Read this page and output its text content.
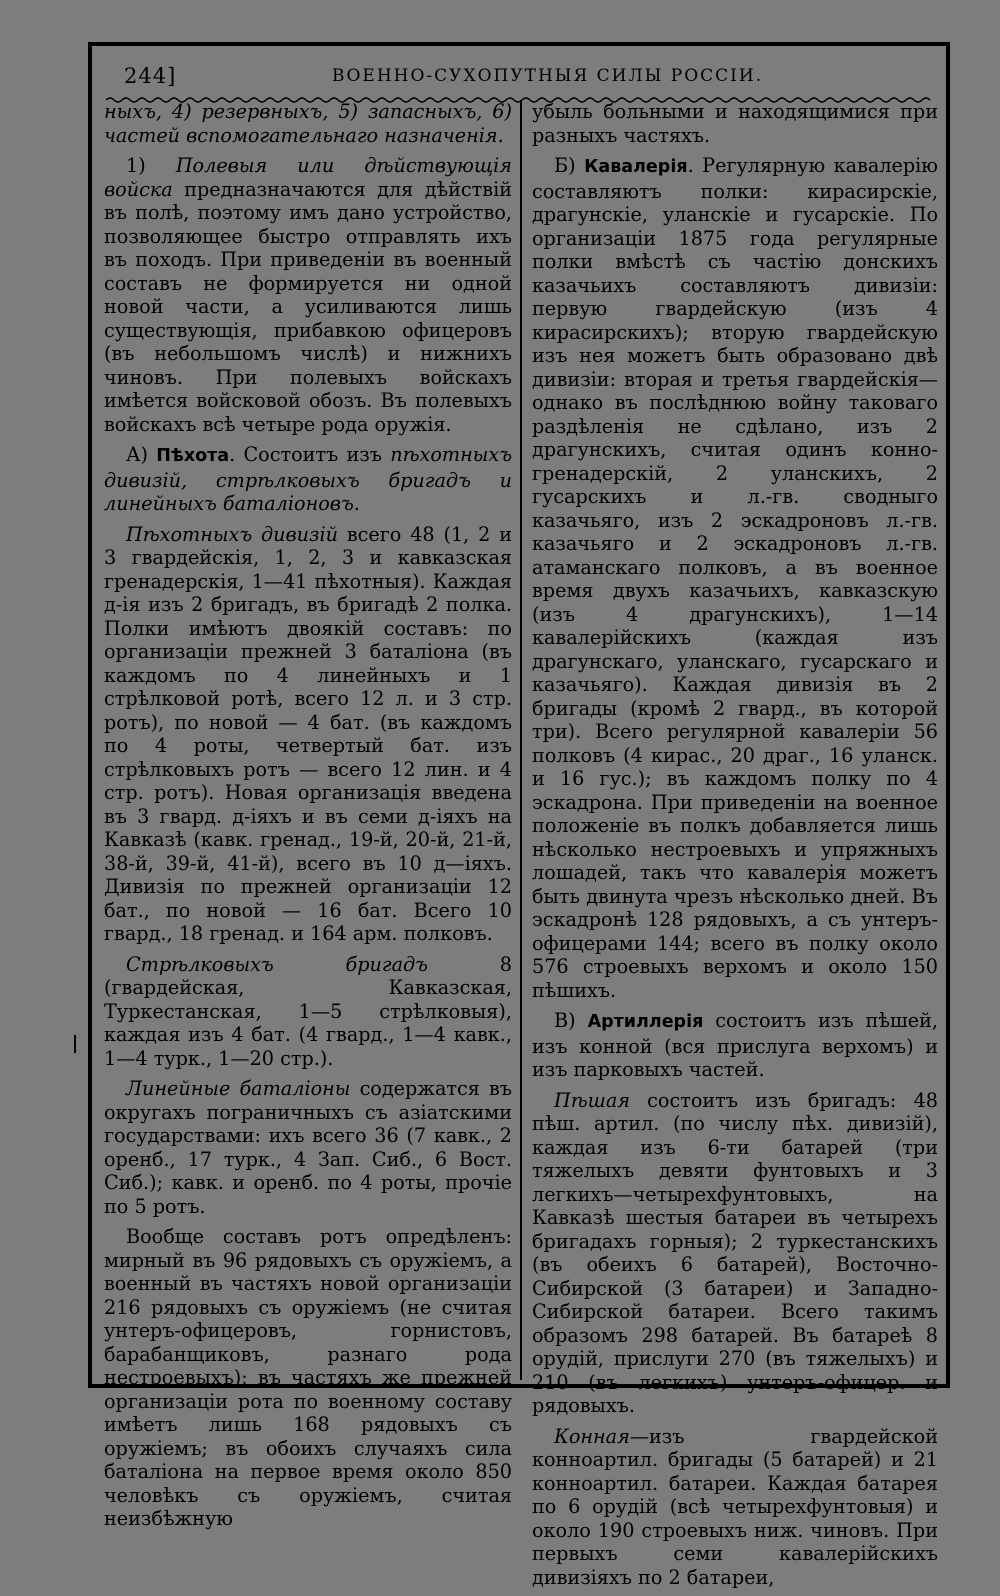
244]	ВОЕННО-СУХОПУТНЫЯ СИЛЫ РОССІИ.

ныхъ, 4) резервныхъ, 5) запасныхъ, 6) частей вспомогательнаго назначенія.

1) Полевыя или дѣйствующія войска предназначаются для дѣйствій въ полѣ, поэтому имъ дано устройство, позволяющее быстро отправлять ихъ въ походъ. При приведеніи въ военный составъ не формируется ни одной новой части, а усиливаются лишь существующія, прибавкою офицеровъ (въ небольшомъ числѣ) и нижнихъ чиновъ. При полевыхъ войскахъ имѣется войсковой обозъ. Въ полевыхъ войскахъ всѣ четыре рода оружія.

А) Пѣхота. Состоитъ изъ пѣхотныхъ дивизій, стрѣлковыхъ бригадъ и линейныхъ баталіоновъ.

Пѣхотныхъ дивизій всего 48 (1, 2 и 3 гвардейскія, 1, 2, 3 и кавказская гренадерскія, 1—41 пѣхотныя). Каждая д-ія изъ 2 бригадъ, въ бригадѣ 2 полка. Полки имѣютъ двоякій составъ: по организаціи прежней 3 баталіона (въ каждомъ по 4 линейныхъ и 1 стрѣлковой ротѣ, всего 12 л. и 3 стр. ротъ), по новой — 4 бат. (въ каждомъ по 4 роты, четвертый бат. изъ стрѣлковыхъ ротъ — всего 12 лин. и 4 стр. ротъ). Новая организація введена въ 3 гвард. д-іяхъ и въ семи д-іяхъ на Кавказѣ (кавк. гренад., 19-й, 20-й, 21-й, 38-й, 39-й, 41-й), всего въ 10 д—іяхъ. Дивизія по прежней организаціи 12 бат., по новой — 16 бат. Всего 10 гвард., 18 гренад. и 164 арм. полковъ.

Стрѣлковыхъ бригадъ 8 (гвардейская, Кавказская, Туркестанская, 1—5 стрѣлковыя), каждая изъ 4 бат. (4 гвард., 1—4 кавк., 1—4 турк., 1—20 стр.).

Линейные баталіоны содержатся въ округахъ пограничныхъ съ азіатскими государствами: ихъ всего 36 (7 кавк., 2 оренб., 17 турк., 4 Зап. Сиб., 6 Вост. Сиб.); кавк. и оренб. по 4 роты, прочіе по 5 ротъ.

Вообще составъ ротъ опредѣленъ: мирный въ 96 рядовыхъ съ оружіемъ, а военный въ частяхъ новой организаціи 216 рядовыхъ съ оружіемъ (не считая унтеръ-офицеровъ, горнистовъ, барабанщиковъ, разнаго рода нестроевыхъ); въ частяхъ же прежней организаціи рота по военному составу имѣетъ лишь 168 рядовыхъ съ оружіемъ; въ обоихъ случаяхъ сила баталіона на первое время около 850 человѣкъ съ оружіемъ, считая неизбѣжную

убыль больными и находящимися при разныхъ частяхъ.

Б) Кавалерія. Регулярную кавалерію составляютъ полки: кирасирскіе, драгунскіе, уланскіе и гусарскіе. По организаціи 1875 года регулярные полки вмѣстѣ съ частію донскихъ казачьихъ составляютъ дивизіи: первую гвардейскую (изъ 4 кирасирскихъ); вторую гвардейскую изъ нея можетъ быть образовано двѣ дивизіи: вторая и третья гвардейскія—однако въ послѣднюю войну таковаго раздѣленія не сдѣлано, изъ 2 драгунскихъ, считая одинъ конно-гренадерскій, 2 уланскихъ, 2 гусарскихъ и л.-гв. сводныго казачьяго, изъ 2 эскадроновъ л.-гв. казачьяго и 2 эскадроновъ л.-гв. атаманскаго полковъ, а въ военное время двухъ казачьихъ, кавказскую (изъ 4 драгунскихъ), 1—14 кавалерійскихъ (каждая изъ драгунскаго, уланскаго, гусарскаго и казачьяго). Каждая дивизія въ 2 бригады (кромѣ 2 гвард., въ которой три). Всего регулярной кавалеріи 56 полковъ (4 кирас., 20 драг., 16 уланск. и 16 гус.); въ каждомъ полку по 4 эскадрона. При приведеніи на военное положеніе въ полкъ добавляется лишь нѣсколько нестроевыхъ и упряжныхъ лошадей, такъ что кавалерія можетъ быть двинута чрезъ нѣсколько дней. Въ эскадронѣ 128 рядовыхъ, а съ унтеръ-офицерами 144; всего въ полку около 576 строевыхъ верхомъ и около 150 пѣшихъ.

В) Артиллерія состоитъ изъ пѣшей, изъ конной (вся прислуга верхомъ) и изъ парковыхъ частей.

Пѣшая состоитъ изъ бригадъ: 48 пѣш. артил. (по числу пѣх. дивизій), каждая изъ 6-ти батарей (три тяжелыхъ девяти фунтовыхъ и 3 легкихъ—четырехфунтовыхъ, на Кавказѣ шестыя батареи въ четырехъ бригадахъ горныя); 2 туркестанскихъ (въ обеихъ 6 батарей), Восточно-Сибирской (3 батареи) и Западно-Сибирской батареи. Всего такимъ образомъ 298 батарей. Въ батареѣ 8 орудій, прислуги 270 (въ тяжелыхъ) и 210 (въ легкихъ) унтеръ-офицер. и рядовыхъ.

Конная—изъ гвардейской конноартил. бригады (5 батарей) и 21 конноартил. батареи. Каждая батарея по 6 орудій (всѣ четырехфунтовыя) и около 190 строевыхъ ниж. чиновъ. При первыхъ семи кавалерійскихъ дивизіяхъ по 2 батареи,
